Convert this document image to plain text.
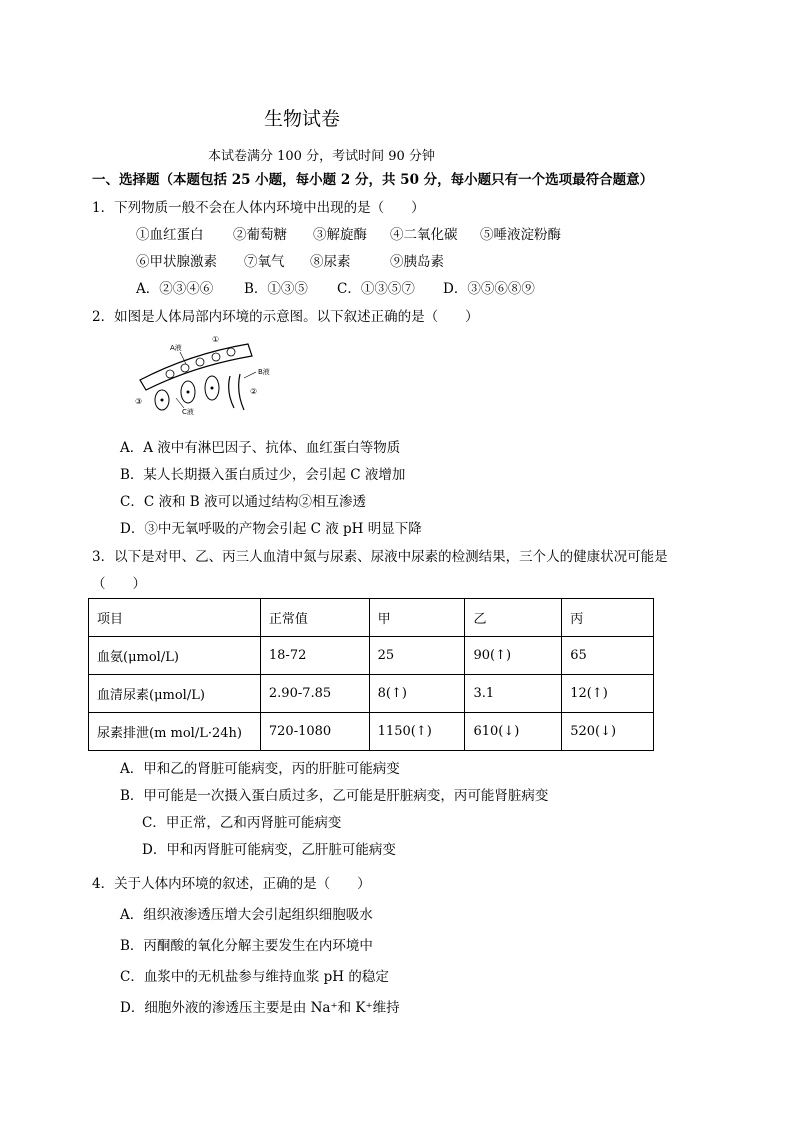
生物试卷
本试卷满分 100 分，考试时间 90 分钟
一、选择题（本题包括 25 小题，每小题 2 分，共 50 分，每小题只有一个选项最符合题意）
1．下列物质一般不会在人体内环境中出现的是（　　）
①血红蛋白 ②葡萄糖 ③解旋酶 ④二氧化碳 ⑤唾液淀粉酶
⑥甲状腺激素 ⑦氧气 ⑧尿素	⑨胰岛素
A．②③④⑥ B．①③⑤ C．①③⑤⑦ D．③⑤⑥⑧⑨
2．如图是人体局部内环境的示意图。以下叙述正确的是（　　）
A液
B液
C液
①
②
③
A．A 液中有淋巴因子、抗体、血红蛋白等物质
B．某人长期摄入蛋白质过少，会引起 C 液增加
C．C 液和 B 液可以通过结构②相互渗透
D．③中无氧呼吸的产物会引起 C 液 pH 明显下降
3．以下是对甲、乙、丙三人血清中氮与尿素、尿液中尿素的检测结果，三个人的健康状况可能是
（　　）
项目	正常值	甲	乙	丙
血氨(μmol/L)	18-72	25	90(↑)	65
血清尿素(μmol/L)	2.90-7.85	8(↑)	3.1	12(↑)
尿素排泄(m mol/L·24h)	720-1080	1150(↑)	610(↓)	520(↓)
A．甲和乙的肾脏可能病变，丙的肝脏可能病变
B．甲可能是一次摄入蛋白质过多，乙可能是肝脏病变，丙可能肾脏病变
C．甲正常，乙和丙肾脏可能病变
D．甲和丙肾脏可能病变，乙肝脏可能病变
4．关于人体内环境的叙述，正确的是（　　）
A．组织液渗透压增大会引起组织细胞吸水
B．丙酮酸的氧化分解主要发生在内环境中
C．血浆中的无机盐参与维持血浆 pH 的稳定
D．细胞外液的渗透压主要是由 Na⁺和 K⁺维持
